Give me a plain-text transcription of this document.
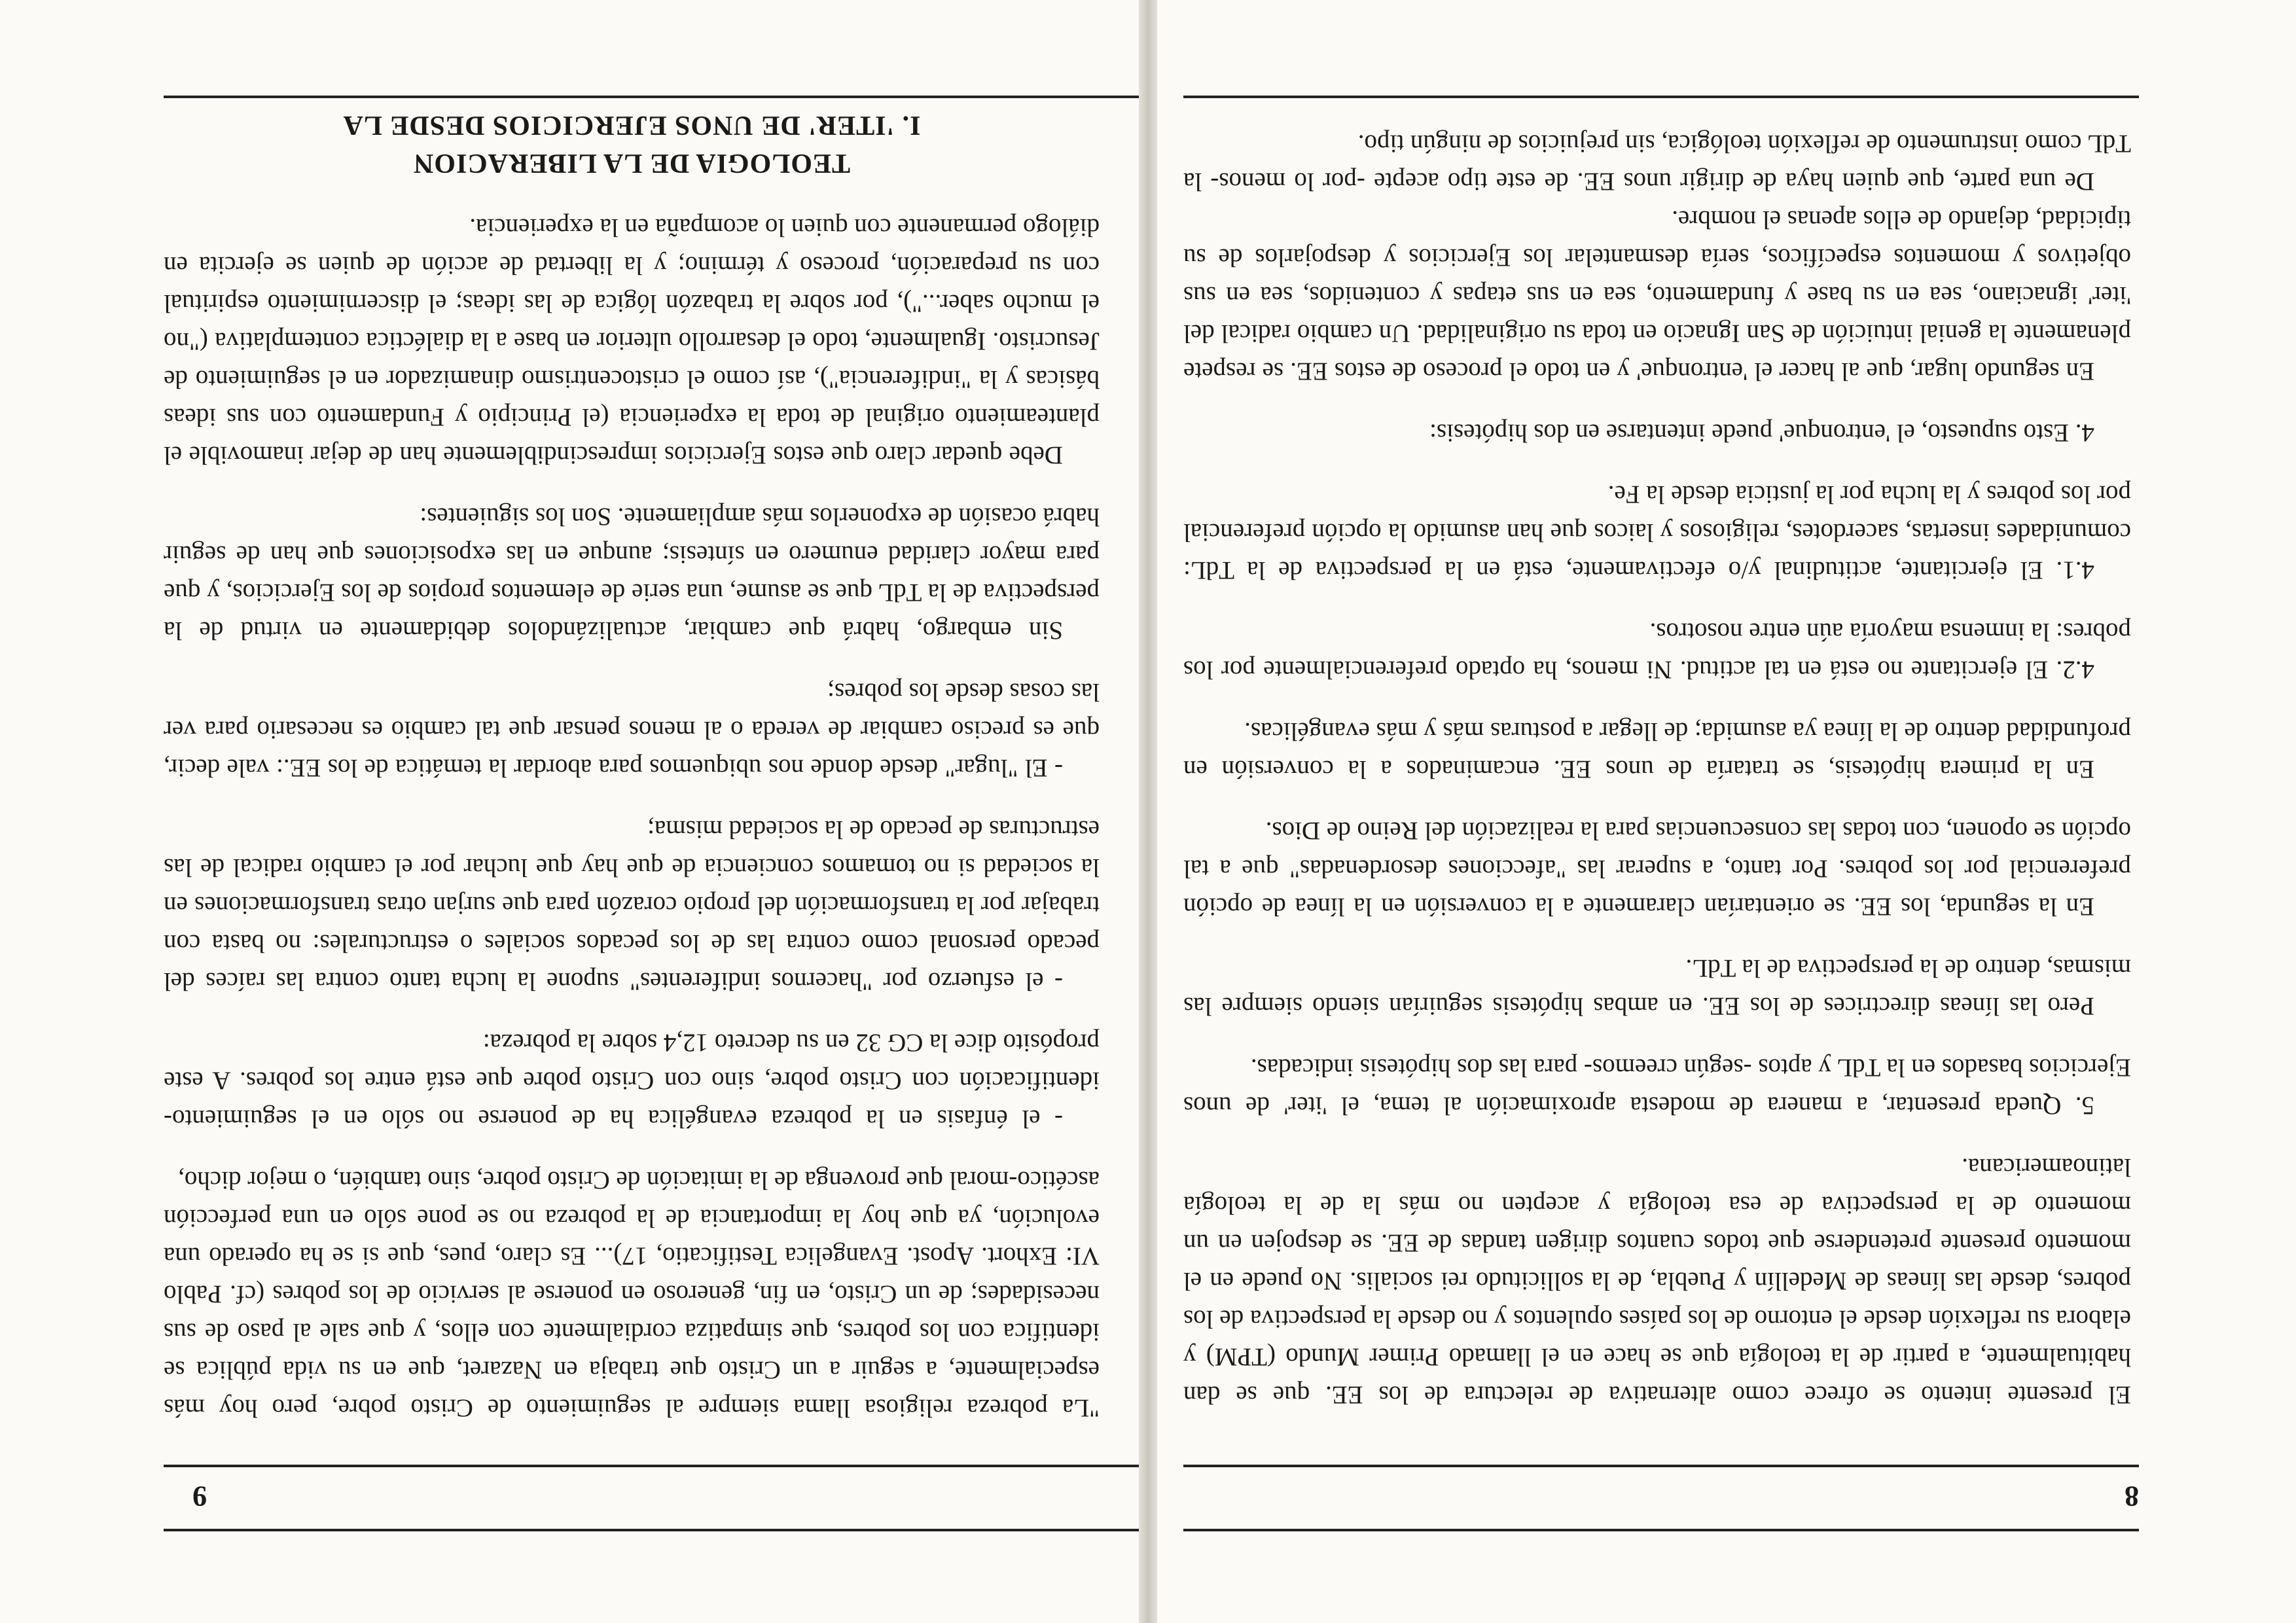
8

El presente intento se ofrece como alternativa de relectura de los EE. que se dan habitualmente, a partir de la teología que se hace en el llamado Primer Mundo (TPM) y elabora su reflexión desde el entorno de los países opulentos y no desde la perspectiva de los pobres, desde las líneas de Medellín y Puebla, de la sollicitudo rei socialis. No puede en el momento presente pretenderse que todos cuantos dirigen tandas de EE. se despojen en un momento de la perspectiva de esa teología y acepten no más la de la teología latinoamericana.

5. Queda presentar, a manera de modesta aproximación al tema, el 'iter' de unos Ejercicios basados en la TdL y aptos -según creemos- para las dos hipótesis indicadas.

Pero las líneas directrices de los EE. en ambas hipótesis seguirían siendo siempre las mismas, dentro de la perspectiva de la TdL.

En la segunda, los EE. se orientarían claramente a la conversión en la línea de opción preferencial por los pobres. Por tanto, a superar las "afecciones desordenadas" que a tal opción se oponen, con todas las consecuencias para la realización del Reino de Dios.

En la primera hipótesis, se trataría de unos EE. encaminados a la conversión en profundidad dentro de la línea ya asumida; de llegar a posturas más y más evangélicas.

4.2. El ejercitante no está en tal actitud. Ni menos, ha optado preferencialmente por los pobres: la inmensa mayoría aún entre nosotros.

4.1. El ejercitante, actitudinal y/o efectivamente, está en la perspectiva de la TdL: comunidades insertas, sacerdotes, religiosos y laicos que han asumido la opción preferencial por los pobres y la lucha por la justicia desde la Fe.

4. Esto supuesto, el 'entronque' puede intentarse en dos hipótesis:

En segundo lugar, que al hacer el 'entronque' y en todo el proceso de estos EE. se respete plenamente la genial intuición de San Ignacio en toda su originalidad. Un cambio radical del 'iter' ignaciano, sea en su base y fundamento, sea en sus etapas y contenidos, sea en sus objetivos y momentos específicos, sería desmantelar los Ejercicios y despojarlos de su tipicidad, dejando de ellos apenas el nombre.

De una parte, que quien haya de dirigir unos EE. de este tipo acepte -por lo menos- la TdL como instrumento de reflexión teológica, sin prejuicios de ningún tipo.

9

"La pobreza religiosa llama siempre al seguimiento de Cristo pobre, pero hoy más especialmente, a seguir a un Cristo que trabaja en Nazaret, que en su vida pública se identifica con los pobres, que simpatiza cordialmente con ellos, y que sale al paso de sus necesidades; de un Cristo, en fin, generoso en ponerse al servicio de los pobres (cf. Pablo VI: Exhort. Apost. Evangelica Testificatio, 17)... Es claro, pues, que si se ha operado una evolución, ya que hoy la importancia de la pobreza no se pone sólo en una perfección ascético-moral que provenga de la imitación de Cristo pobre, sino también, o mejor dicho,

- el énfasis en la pobreza evangélica ha de ponerse no sólo en el seguimiento-identificación con Cristo pobre, sino con Cristo pobre que está entre los pobres. A este propósito dice la CG 32 en su decreto 12,4 sobre la pobreza:

- el esfuerzo por "hacernos indiferentes" supone la lucha tanto contra las raíces del pecado personal como contra las de los pecados sociales o estructurales: no basta con trabajar por la transformación del propio corazón para que surjan otras transformaciones en la sociedad si no tomamos conciencia de que hay que luchar por el cambio radical de las estructuras de pecado de la sociedad misma;

- El "lugar" desde donde nos ubiquemos para abordar la temática de los EE.: vale decir, que es preciso cambiar de vereda o al menos pensar que tal cambio es necesario para ver las cosas desde los pobres;

Sin embargo, habrá que cambiar, actualizándolos debidamente en virtud de la perspectiva de la TdL que se asume, una serie de elementos propios de los Ejercicios, y que para mayor claridad enumero en síntesis; aunque en las exposiciones que han de seguir habrá ocasión de exponerlos más ampliamente. Son los siguientes:

Debe quedar claro que estos Ejercicios imprescindiblemente han de dejar inamovible el planteamiento original de toda la experiencia (el Principio y Fundamento con sus ideas básicas y la "indiferencia"), así como el cristocentrismo dinamizador en el seguimiento de Jesucristo. Igualmente, todo el desarrollo ulterior en base a la dialéctica contemplativa ("no el mucho saber..."), por sobre la trabazón lógica de las ideas; el discernimiento espiritual con su preparación, proceso y término; y la libertad de acción de quien se ejercita en diálogo permanente con quien lo acompaña en la experiencia.

TEOLOGIA DE LA LIBERACION
I. 'ITER' DE UNOS EJERCICIOS DESDE LA
